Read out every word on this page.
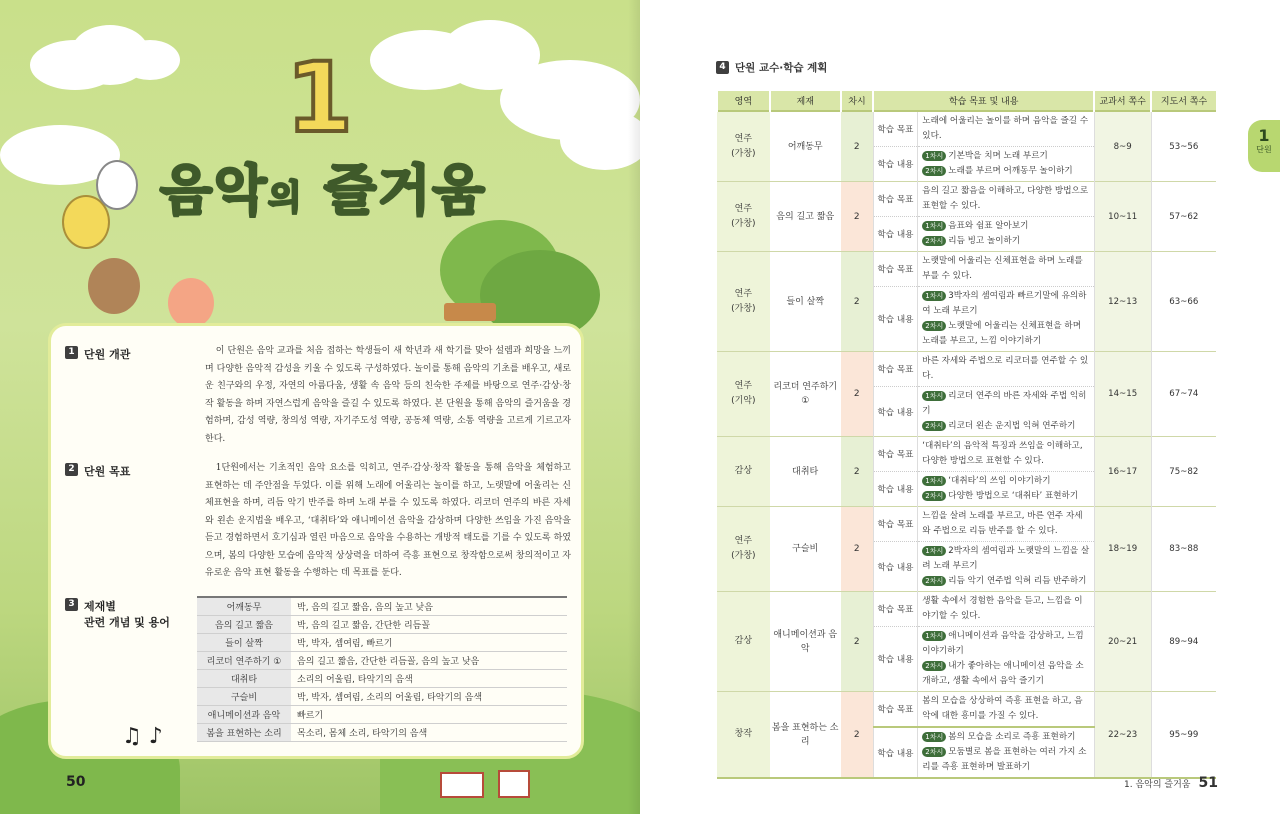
1
음악의 즐거움
1 단원 개관	이 단원은 음악 교과를 처음 접하는 학생들이 새 학년과 새 학기를 맞아 설렘과 희망을 느끼며 다양한 음악적 감성을 키울 수 있도록 구성하였다. 놀이를 통해 음악의 기초를 배우고, 새로운 친구와의 우정, 자연의 아름다움, 생활 속 음악 등의 친숙한 주제를 바탕으로 연주·감상·창작 활동을 하며 자연스럽게 음악을 즐길 수 있도록 하였다. 본 단원을 통해 음악의 즐거움을 경험하며, 감성 역량, 창의성 역량, 자기주도성 역량, 공동체 역량, 소통 역량을 고르게 기르고자 한다.

2 단원 목표	1단원에서는 기초적인 음악 요소를 익히고, 연주·감상·창작 활동을 통해 음악을 체험하고 표현하는 데 주안점을 두었다. 이를 위해 노래에 어울리는 놀이를 하고, 노랫말에 어울리는 신체표현을 하며, 리듬 악기 반주를 하며 노래 부를 수 있도록 하였다. 리코더 연주의 바른 자세와 왼손 운지법을 배우고, ‘대취타’와 애니메이션 음악을 감상하며 다양한 쓰임을 가진 음악을 듣고 경험하면서 호기심과 열린 마음으로 음악을 수용하는 개방적 태도를 기를 수 있도록 하였으며, 봄의 다양한 모습에 음악적 상상력을 더하여 즉흥 표현으로 창작함으로써 창의적이고 자유로운 음악 표현 활동을 수행하는 데 목표를 둔다.

3 제재별
관련 개념 및 용어
어깨동무	박, 음의 길고 짧음, 음의 높고 낮음
음의 길고 짧음	박, 음의 길고 짧음, 간단한 리듬꼴
들이 살짝	박, 박자, 셈여림, 빠르기
리코더 연주하기 ①	음의 길고 짧음, 간단한 리듬꼴, 음의 높고 낮음
대취타	소리의 어울림, 타악기의 음색
구슬비	박, 박자, 셈여림, 소리의 어울림, 타악기의 음색
애니메이션과 음악	빠르기
봄을 표현하는 소리	목소리, 몸체 소리, 타악기의 음색
♫ ♪
50
4 단원 교수·학습 계획
영역	제재	차시	학습 목표 및 내용		교과서 쪽수	지도서 쪽수
연주
(가창)	어깨동무	2	학습 목표	노래에 어울리는 놀이를 하며 음악을 즐길 수 있다.	8~9	53~56
			학습 내용	1차시 기본박을 치며 노래 부르기
2차시 노래를 부르며 어깨동무 놀이하기		

연주
(가창)	음의 길고 짧음	2	학습 목표	음의 길고 짧음을 이해하고, 다양한 방법으로 표현할 수 있다.	10~11	57~62
			학습 내용	1차시 음표와 쉼표 알아보기
2차시 리듬 빙고 놀이하기		

연주
(가창)	들이 살짝	2	학습 목표	노랫말에 어울리는 신체표현을 하며 노래를 부를 수 있다.	12~13	63~66
			학습 내용	1차시 3박자의 셈여림과 빠르기말에 유의하여 노래 부르기
2차시 노랫말에 어울리는 신체표현을 하며 노래를 부르고, 느낌 이야기하기		

연주
(기악)	리코더 연주하기 ①	2	학습 목표	바른 자세와 주법으로 리코더를 연주할 수 있다.	14~15	67~74
			학습 내용	1차시 리코더 연주의 바른 자세와 주법 익히기
2차시 리코더 왼손 운지법 익혀 연주하기		

감상	대취타	2	학습 목표	‘대취타’의 음악적 특징과 쓰임을 이해하고, 다양한 방법으로 표현할 수 있다.	16~17	75~82
			학습 내용	1차시 ‘대취타’의 쓰임 이야기하기
2차시 다양한 방법으로 ‘대취타’ 표현하기		

연주
(가창)	구슬비	2	학습 목표	느낌을 살려 노래를 부르고, 바른 연주 자세와 주법으로 리듬 반주를 할 수 있다.	18~19	83~88
			학습 내용	1차시 2박자의 셈여림과 노랫말의 느낌을 살려 노래 부르기
2차시 리듬 악기 연주법 익혀 리듬 반주하기		

감상	애니메이션과 음악	2	학습 목표	생활 속에서 경험한 음악을 듣고, 느낌을 이야기할 수 있다.	20~21	89~94
			학습 내용	1차시 애니메이션과 음악을 감상하고, 느낌 이야기하기
2차시 내가 좋아하는 애니메이션 음악을 소개하고, 생활 속에서 음악 즐기기		

창작	봄을 표현하는 소리	2	학습 목표	봄의 모습을 상상하여 즉흥 표현을 하고, 음악에 대한 흥미를 가질 수 있다.	22~23	95~99
			학습 내용	1차시 봄의 모습을 소리로 즉흥 표현하기
2차시 모둠별로 봄을 표현하는 여러 가지 소리를 즉흥 표현하며 발표하기		
1
단원
1. 음악의 즐거움 51
